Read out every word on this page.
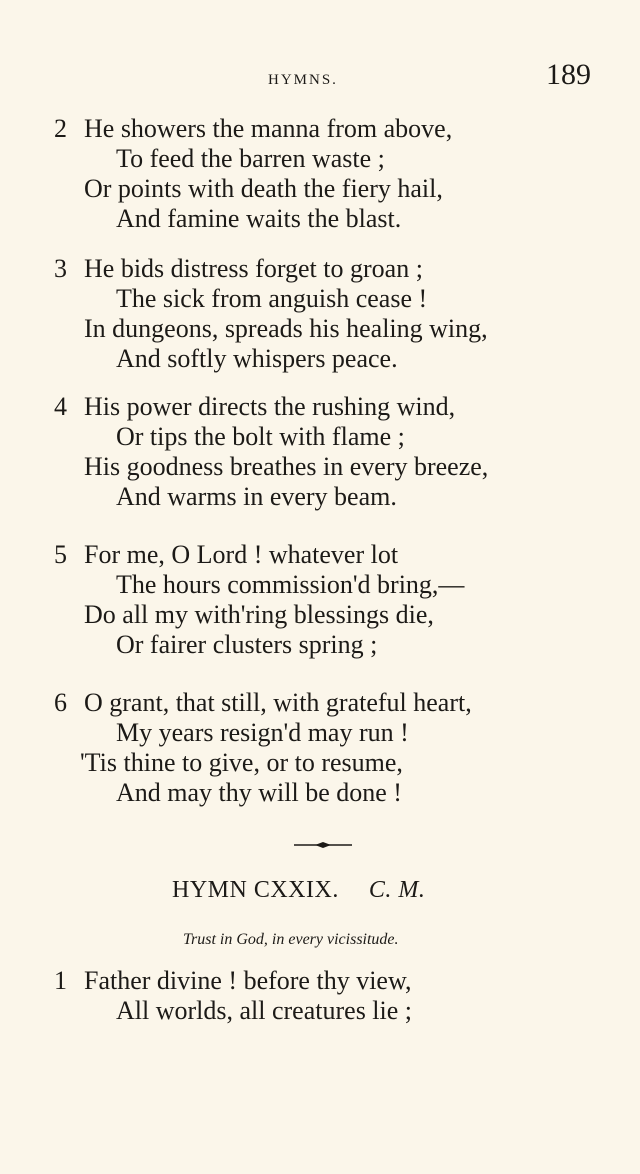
HYMNS.	189
2 He showers the manna from above,
To feed the barren waste ;
Or points with death the fiery hail,
And famine waits the blast.
3 He bids distress forget to groan ;
The sick from anguish cease !
In dungeons, spreads his healing wing,
And softly whispers peace.
4 His power directs the rushing wind,
Or tips the bolt with flame ;
His goodness breathes in every breeze,
And warms in every beam.
5 For me, O Lord ! whatever lot
The hours commission'd bring,—
Do all my with'ring blessings die,
Or fairer clusters spring ;
6 O grant, that still, with grateful heart,
My years resign'd may run !
'Tis thine to give, or to resume,
And may thy will be done !
HYMN CXXIX. C. M.
Trust in God, in every vicissitude.
1 Father divine ! before thy view,
All worlds, all creatures lie ;
